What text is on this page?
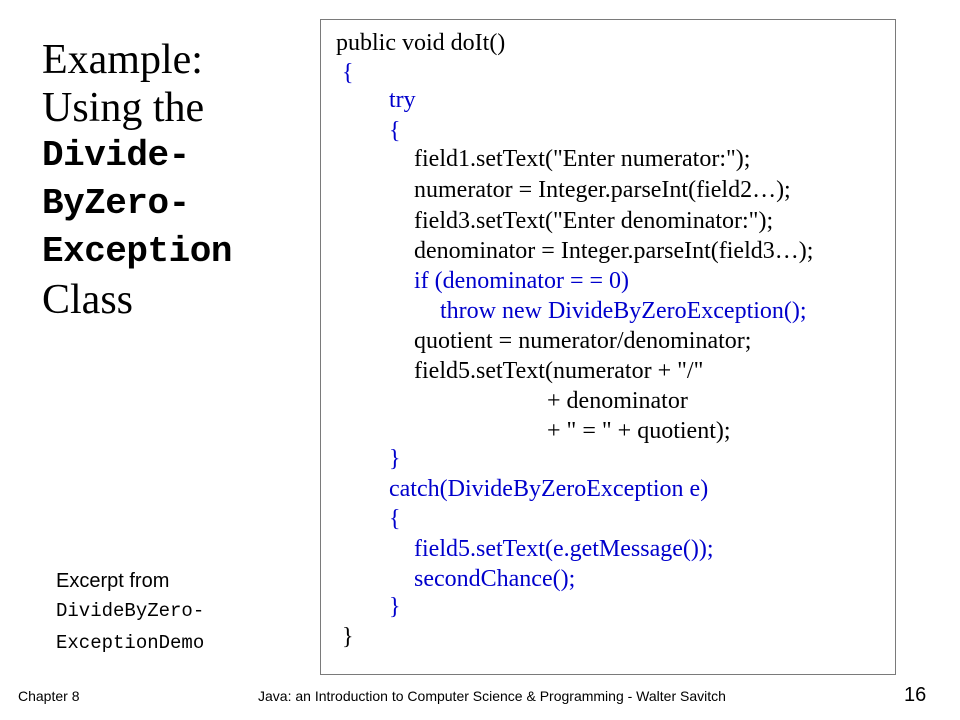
Example:
Using the
Divide-
ByZero-
Exception
Class
public void doIt()
{
try
{
field1.setText("Enter numerator:");
numerator = Integer.parseInt(field2…);
field3.setText("Enter denominator:");
denominator = Integer.parseInt(field3…);
if (denominator = = 0)
throw new DivideByZeroException();
quotient = numerator/denominator;
field5.setText(numerator + "/"
+ denominator
+ " = " + quotient);
}
catch(DivideByZeroException e)
{
field5.setText(e.getMessage());
secondChance();
}
}
Excerpt from
DivideByZero-
ExceptionDemo
Chapter 8	Java: an Introduction to Computer Science & Programming - Walter Savitch	16
